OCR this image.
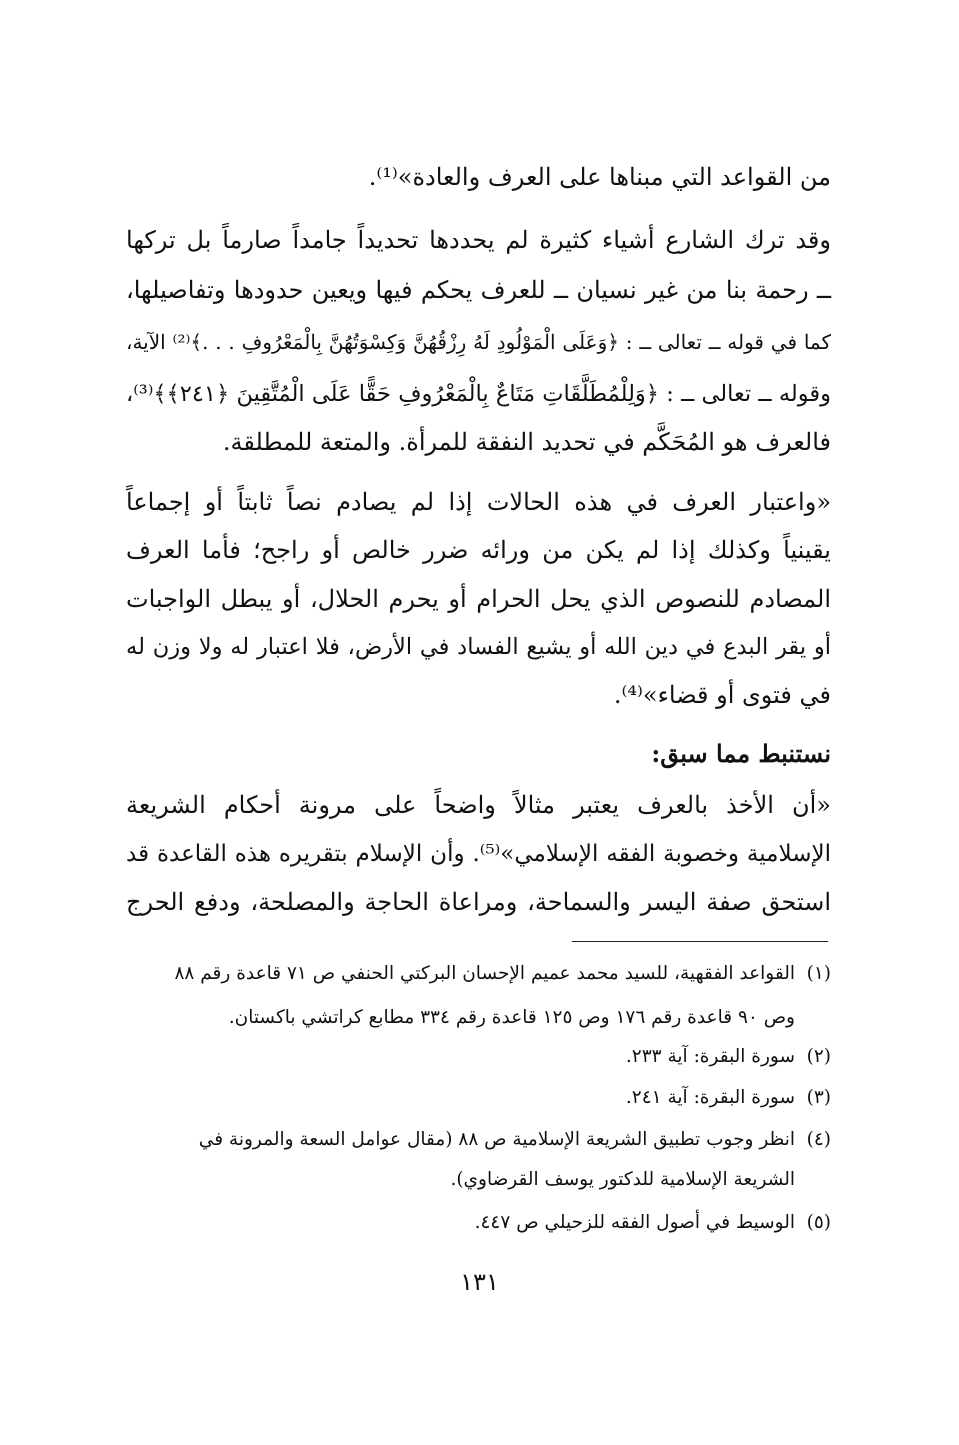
من القواعد التي مبناها على العرف والعادة»⁽¹⁾.
وقد ترك الشارع أشياء كثيرة لم يحددها تحديداً جامداً صارماً بل تركها
ــ رحمة بنا من غير نسيان ــ للعرف يحكم فيها ويعين حدودها وتفاصيلها،
كما في قوله ــ تعالى ــ : ﴿وَعَلَى الْمَوْلُودِ لَهُ رِزْقُهُنَّ وَكِسْوَتُهُنَّ بِالْمَعْرُوفِ . . .﴾⁽²⁾ الآية،
وقوله ــ تعالى ــ : ﴿وَلِلْمُطَلَّقَاتِ مَتَاعٌ بِالْمَعْرُوفِ حَقًّا عَلَى الْمُتَّقِينَ ﴿٢٤١﴾﴾⁽³⁾،
فالعرف هو المُحَكَّم في تحديد النفقة للمرأة. والمتعة للمطلقة.
«واعتبار العرف في هذه الحالات إذا لم يصادم نصاً ثابتاً أو إجماعاً
يقينياً وكذلك إذا لم يكن من ورائه ضرر خالص أو راجح؛ فأما العرف
المصادم للنصوص الذي يحل الحرام أو يحرم الحلال، أو يبطل الواجبات
أو يقر البدع في دين الله أو يشيع الفساد في الأرض، فلا اعتبار له ولا وزن له
في فتوى أو قضاء»⁽⁴⁾.
نستنبط مما سبق:
«أن الأخذ بالعرف يعتبر مثالاً واضحاً على مرونة أحكام الشريعة
الإسلامية وخصوبة الفقه الإسلامي»⁽⁵⁾. وأن الإسلام بتقريره هذه القاعدة قد
استحق صفة اليسر والسماحة، ومراعاة الحاجة والمصلحة، ودفع الحرج
(١)القواعد الفقهية، للسيد محمد عميم الإحسان البركتي الحنفي ص ٧١ قاعدة رقم ٨٨
وص ٩٠ قاعدة رقم ١٧٦ وص ١٢٥ قاعدة رقم ٣٣٤ مطابع كراتشي باكستان.
(٢)سورة البقرة: آية ٢٣٣.
(٣)سورة البقرة: آية ٢٤١.
(٤)انظر وجوب تطبيق الشريعة الإسلامية ص ٨٨ (مقال عوامل السعة والمرونة في
الشريعة الإسلامية للدكتور يوسف القرضاوي).
(٥)الوسيط في أصول الفقه للزحيلي ص ٤٤٧.
١٣١
